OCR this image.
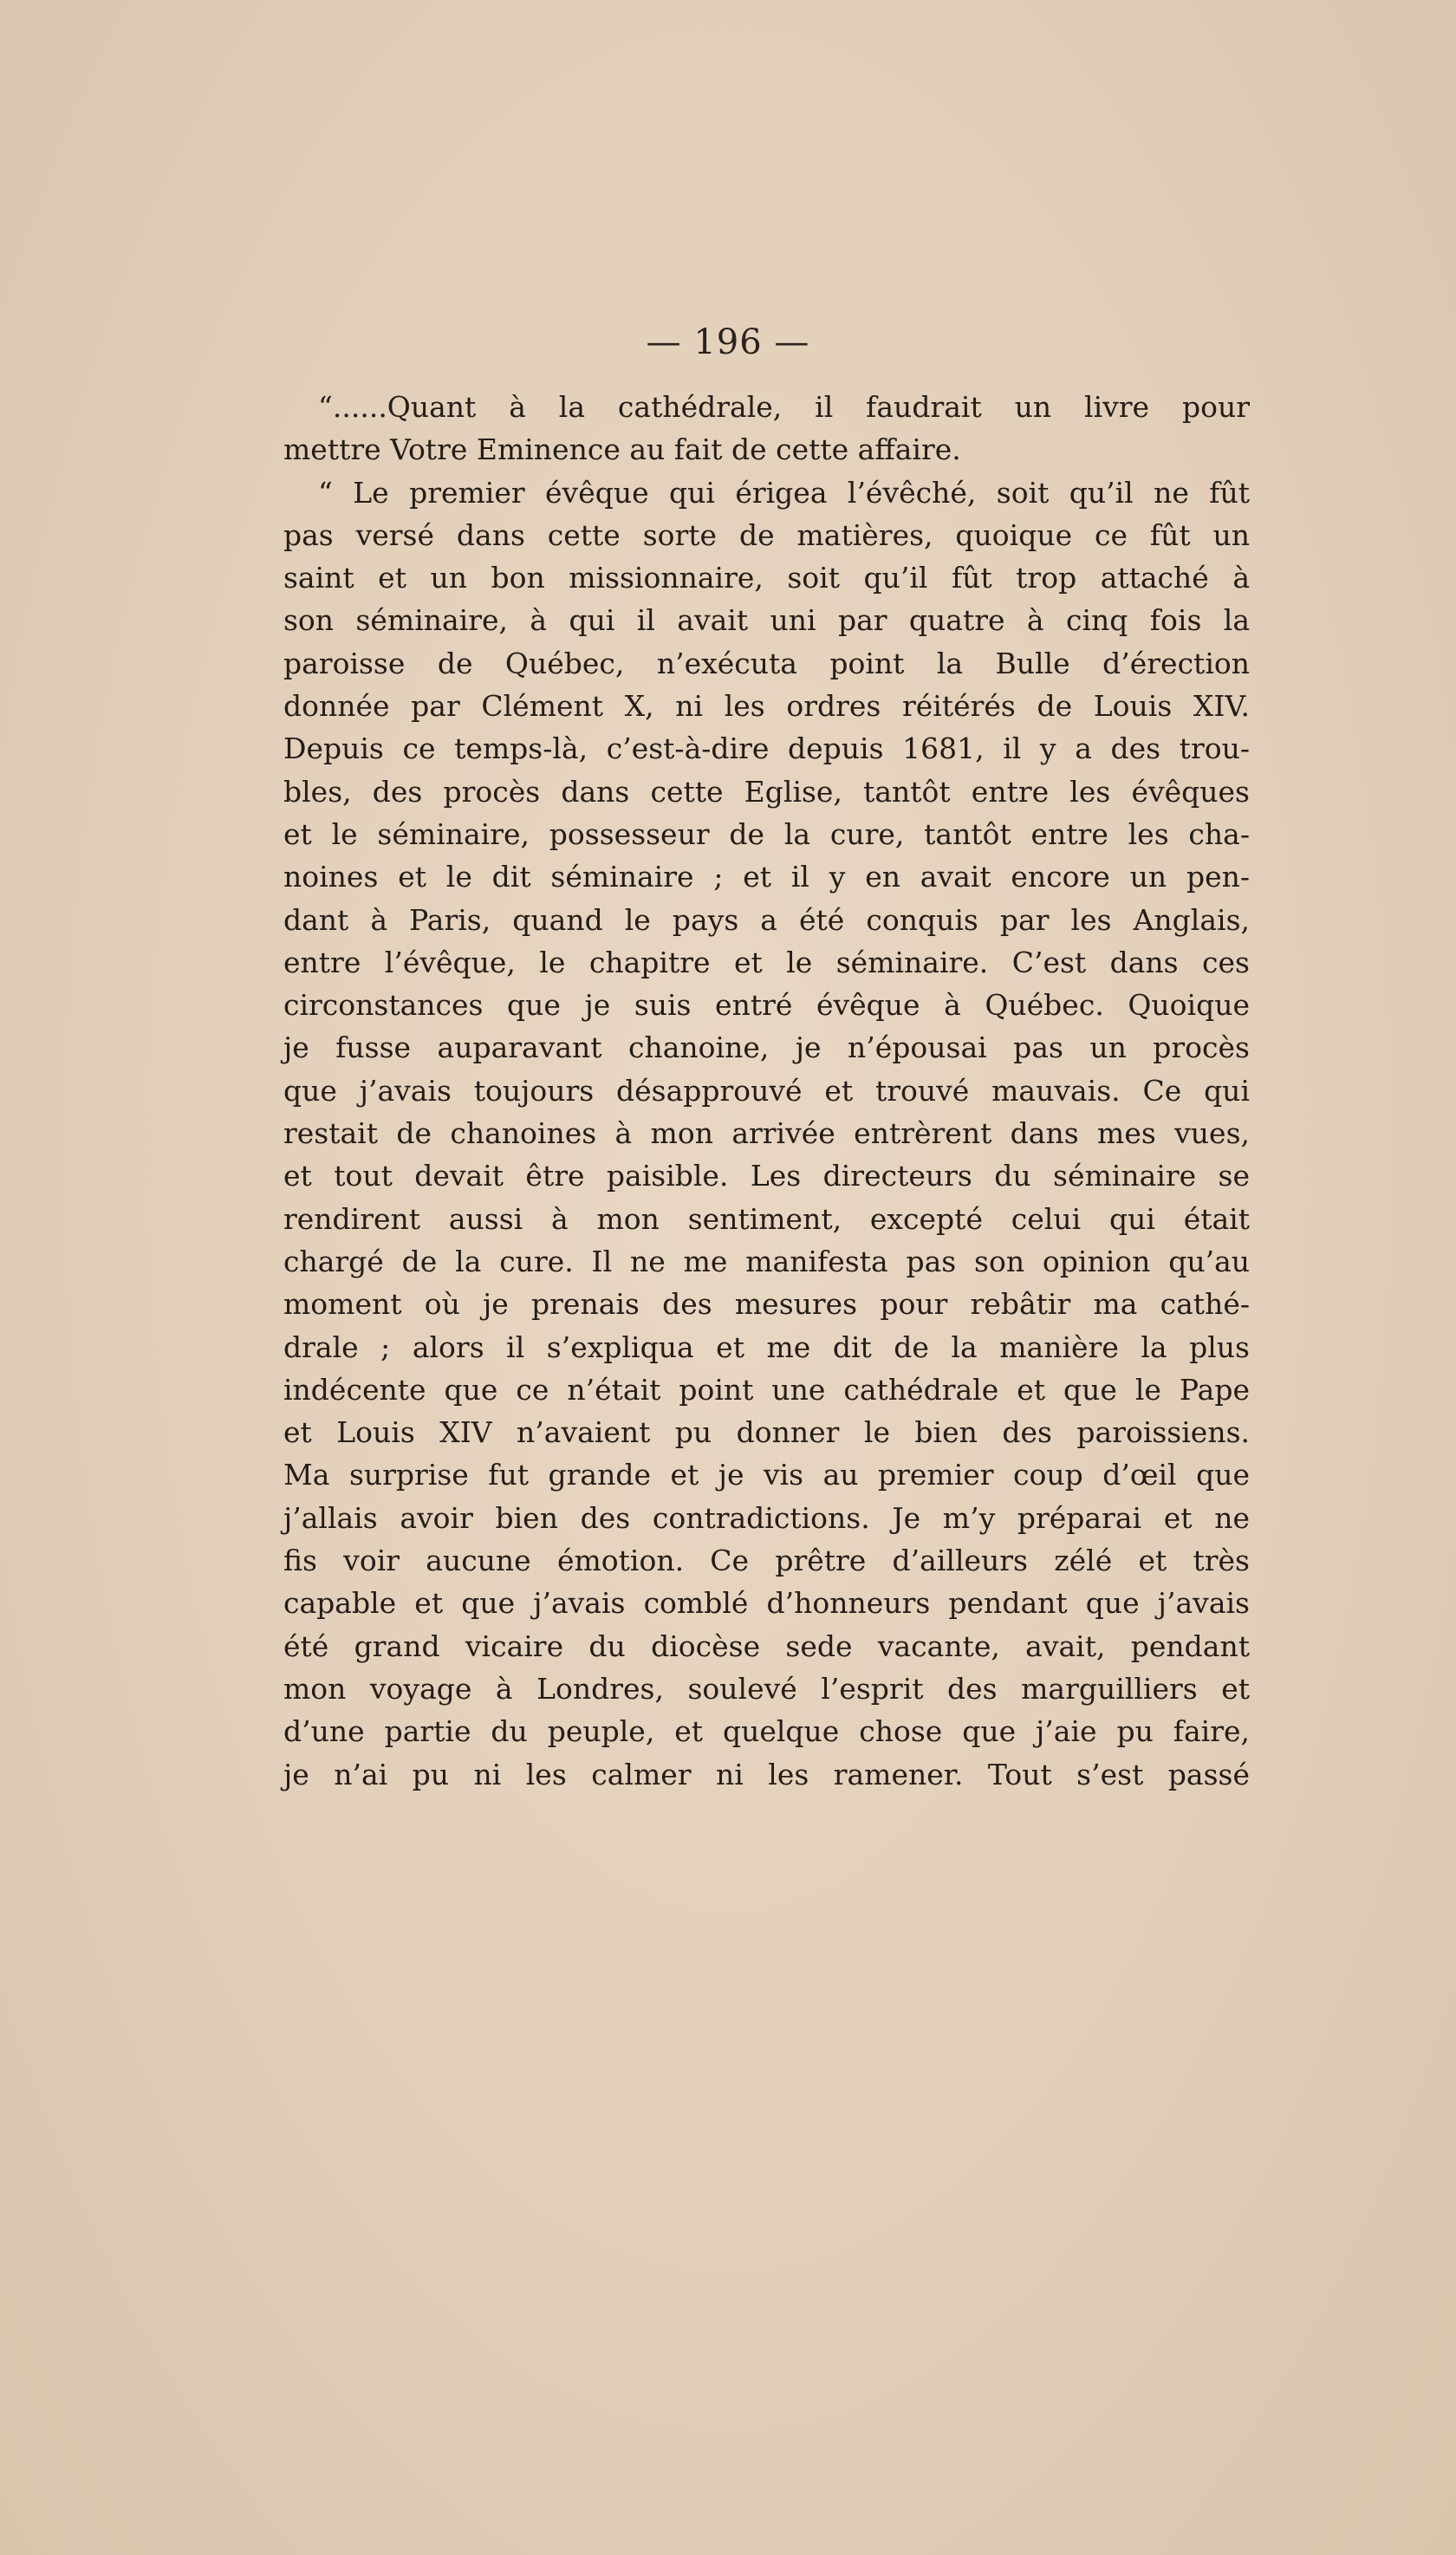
— 196 —
“......Quant à la cathédrale, il faudrait un livre pour
mettre Votre Eminence au fait de cette affaire.
“ Le premier évêque qui érigea l’évêché, soit qu’il ne fût
pas versé dans cette sorte de matières, quoique ce fût un
saint et un bon missionnaire, soit qu’il fût trop attaché à
son séminaire, à qui il avait uni par quatre à cinq fois la
paroisse de Québec, n’exécuta point la Bulle d’érection
donnée par Clément X, ni les ordres réitérés de Louis XIV.
Depuis ce temps-là, c’est-à-dire depuis 1681, il y a des trou-
bles, des procès dans cette Eglise, tantôt entre les évêques
et le séminaire, possesseur de la cure, tantôt entre les cha-
noines et le dit séminaire ; et il y en avait encore un pen-
dant à Paris, quand le pays a été conquis par les Anglais,
entre l’évêque, le chapitre et le séminaire. C’est dans ces
circonstances que je suis entré évêque à Québec. Quoique
je fusse auparavant chanoine, je n’épousai pas un procès
que j’avais toujours désapprouvé et trouvé mauvais. Ce qui
restait de chanoines à mon arrivée entrèrent dans mes vues,
et tout devait être paisible. Les directeurs du séminaire se
rendirent aussi à mon sentiment, excepté celui qui était
chargé de la cure. Il ne me manifesta pas son opinion qu’au
moment où je prenais des mesures pour rebâtir ma cathé-
drale ; alors il s’expliqua et me dit de la manière la plus
indécente que ce n’était point une cathédrale et que le Pape
et Louis XIV n’avaient pu donner le bien des paroissiens.
Ma surprise fut grande et je vis au premier coup d’œil que
j’allais avoir bien des contradictions. Je m’y préparai et ne
fis voir aucune émotion. Ce prêtre d’ailleurs zélé et très
capable et que j’avais comblé d’honneurs pendant que j’avais
été grand vicaire du diocèse sede vacante, avait, pendant
mon voyage à Londres, soulevé l’esprit des marguilliers et
d’une partie du peuple, et quelque chose que j’aie pu faire,
je n’ai pu ni les calmer ni les ramener. Tout s’est passé
